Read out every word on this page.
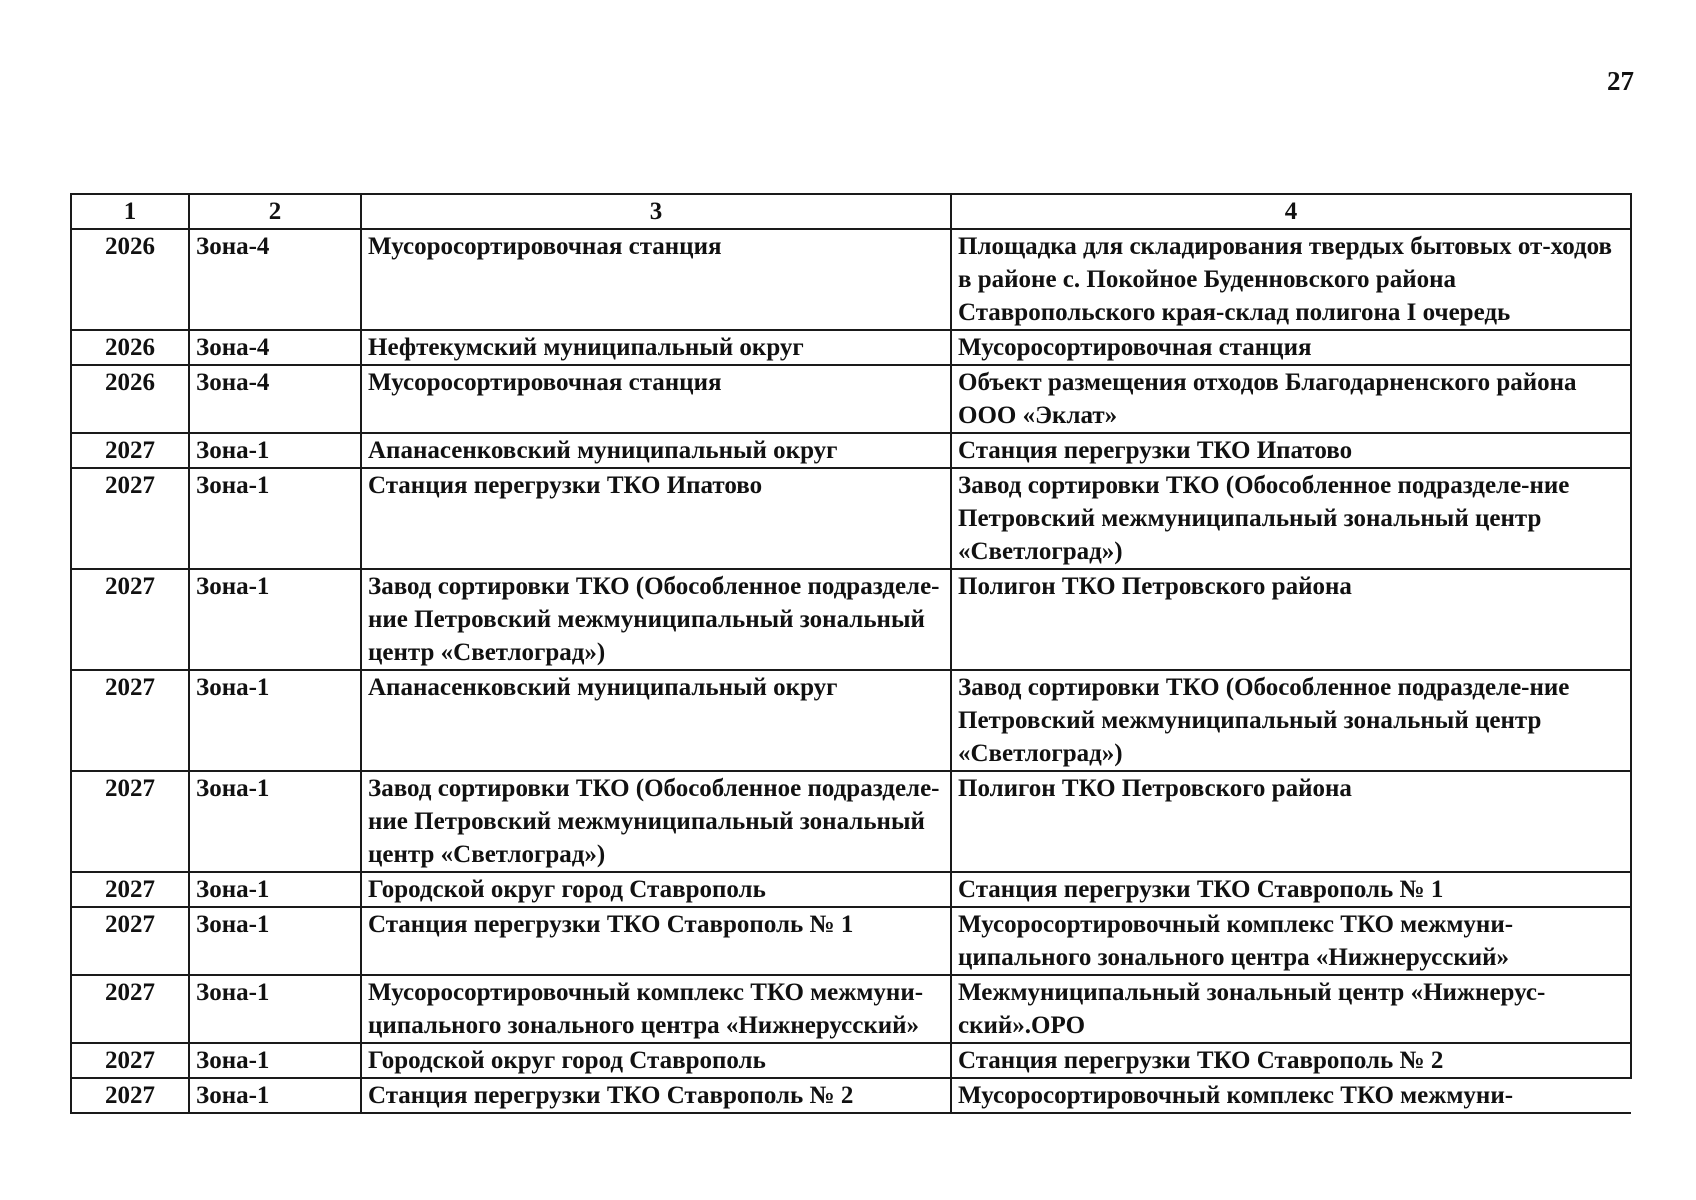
27
1	2	3	4
2026	Зона-4	Мусоросортировочная станция	Площадка для складирования твердых бытовых от-ходов в районе с. Покойное Буденновского района Ставропольского края-склад полигона I очередь
2026	Зона-4	Нефтекумский муниципальный округ	Мусоросортировочная станция
2026	Зона-4	Мусоросортировочная станция	Объект размещения отходов Благодарненского района ООО «Эклат»
2027	Зона-1	Апанасенковский муниципальный округ	Станция перегрузки ТКО Ипатово
2027	Зона-1	Станция перегрузки ТКО Ипатово	Завод сортировки ТКО (Обособленное подразделе-ние Петровский межмуниципальный зональный центр «Светлоград»)
2027	Зона-1	Завод сортировки ТКО (Обособленное подразделе-ние Петровский межмуниципальный зональный центр «Светлоград»)	Полигон ТКО Петровского района
2027	Зона-1	Апанасенковский муниципальный округ	Завод сортировки ТКО (Обособленное подразделе-ние Петровский межмуниципальный зональный центр «Светлоград»)
2027	Зона-1	Завод сортировки ТКО (Обособленное подразделе-ние Петровский межмуниципальный зональный центр «Светлоград»)	Полигон ТКО Петровского района
2027	Зона-1	Городской округ город Ставрополь	Станция перегрузки ТКО Ставрополь № 1
2027	Зона-1	Станция перегрузки ТКО Ставрополь № 1	Мусоросортировочный комплекс ТКО межмуни-ципального зонального центра «Нижнерусский»
2027	Зона-1	Мусоросортировочный комплекс ТКО межмуни-ципального зонального центра «Нижнерусский»	Межмуниципальный зональный центр «Нижнерус-ский».ОРО
2027	Зона-1	Городской округ город Ставрополь	Станция перегрузки ТКО Ставрополь № 2
2027	Зона-1	Станция перегрузки ТКО Ставрополь № 2	Мусоросортировочный комплекс ТКО межмуни-
